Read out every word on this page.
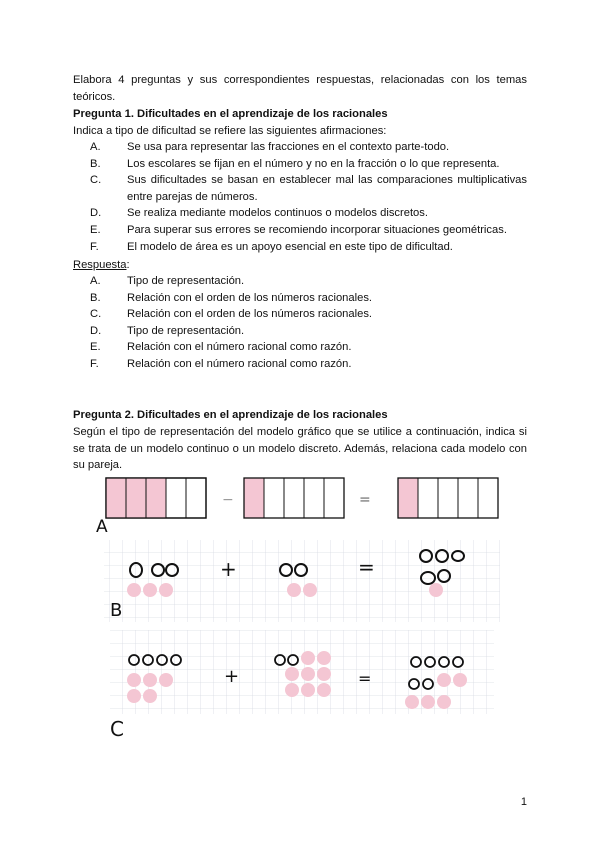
Elabora 4 preguntas y sus correspondientes respuestas, relacionadas con los temas teóricos.

Pregunta 1. Dificultades en el aprendizaje de los racionales

Indica a tipo de dificultad se refiere las siguientes afirmaciones:

A. Se usa para representar las fracciones en el contexto parte-todo.
B. Los escolares se fijan en el número y no en la fracción o lo que representa.
C. Sus dificultades se basan en establecer mal las comparaciones multiplicativas entre parejas de números.
D. Se realiza mediante modelos continuos o modelos discretos.
E. Para superar sus errores se recomiendo incorporar situaciones geométricas.
F.	El modelo de área es un apoyo esencial en este tipo de dificultad.

Respuesta:

A. Tipo de representación.
B. Relación con el orden de los números racionales.
C. Relación con el orden de los números racionales.
D. Tipo de representación.
E. Relación con el número racional como razón.
F.	Relación con el número racional como razón.

Pregunta 2. Dificultades en el aprendizaje de los racionales

Según el tipo de representación del modelo gráfico que se utilice a continuación, indica si se trata de un modelo continuo o un modelo discreto. Además, relaciona cada modelo con su pareja.

−	=
A
+	=
B
+	=
C

1
